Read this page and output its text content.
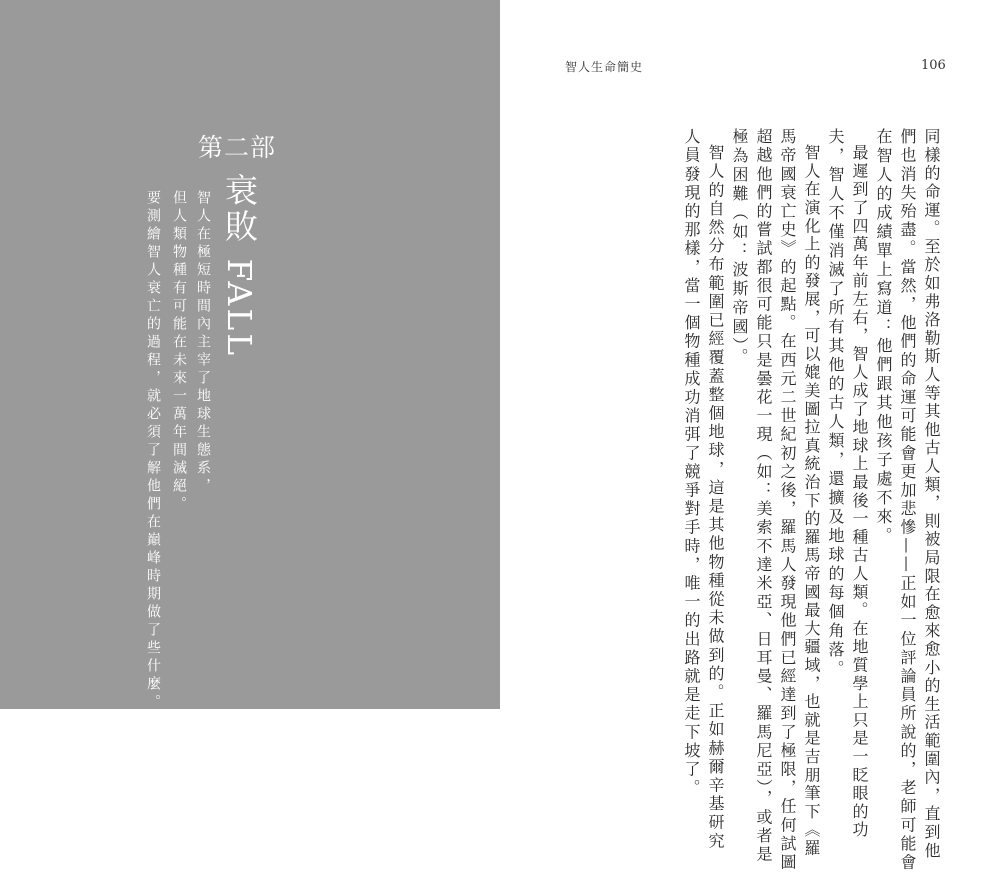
第二部
衰敗 FALL
智人在極短時間內主宰了地球生態系，
但人類物種有可能在未來一萬年間滅絕。
要測繪智人衰亡的過程，就必須了解他們在巔峰時期做了些什麼。
智人生命簡史	106
同樣的命運。至於如弗洛勒斯人等其他古人類，則被局限在愈來愈小的生活範圍內，直到他
們也消失殆盡。當然，他們的命運可能會更加悲慘——正如一位評論員所說的，老師可能會
在智人的成績單上寫道：他們跟其他孩子處不來。
最遲到了四萬年前左右，智人成了地球上最後一種古人類。在地質學上只是一眨眼的功
夫，智人不僅消滅了所有其他的古人類，還擴及地球的每個角落。
智人在演化上的發展，可以媲美圖拉真統治下的羅馬帝國最大疆域，也就是吉朋筆下《羅
馬帝國衰亡史》的起點。在西元二世紀初之後，羅馬人發現他們已經達到了極限，任何試圖
超越他們的嘗試都很可能只是曇花一現（如：美索不達米亞、日耳曼、羅馬尼亞），或者是
極為困難（如：波斯帝國）。
智人的自然分布範圍已經覆蓋整個地球，這是其他物種從未做到的。正如赫爾辛基研究
人員發現的那樣，當一個物種成功消弭了競爭對手時，唯一的出路就是走下坡了。
